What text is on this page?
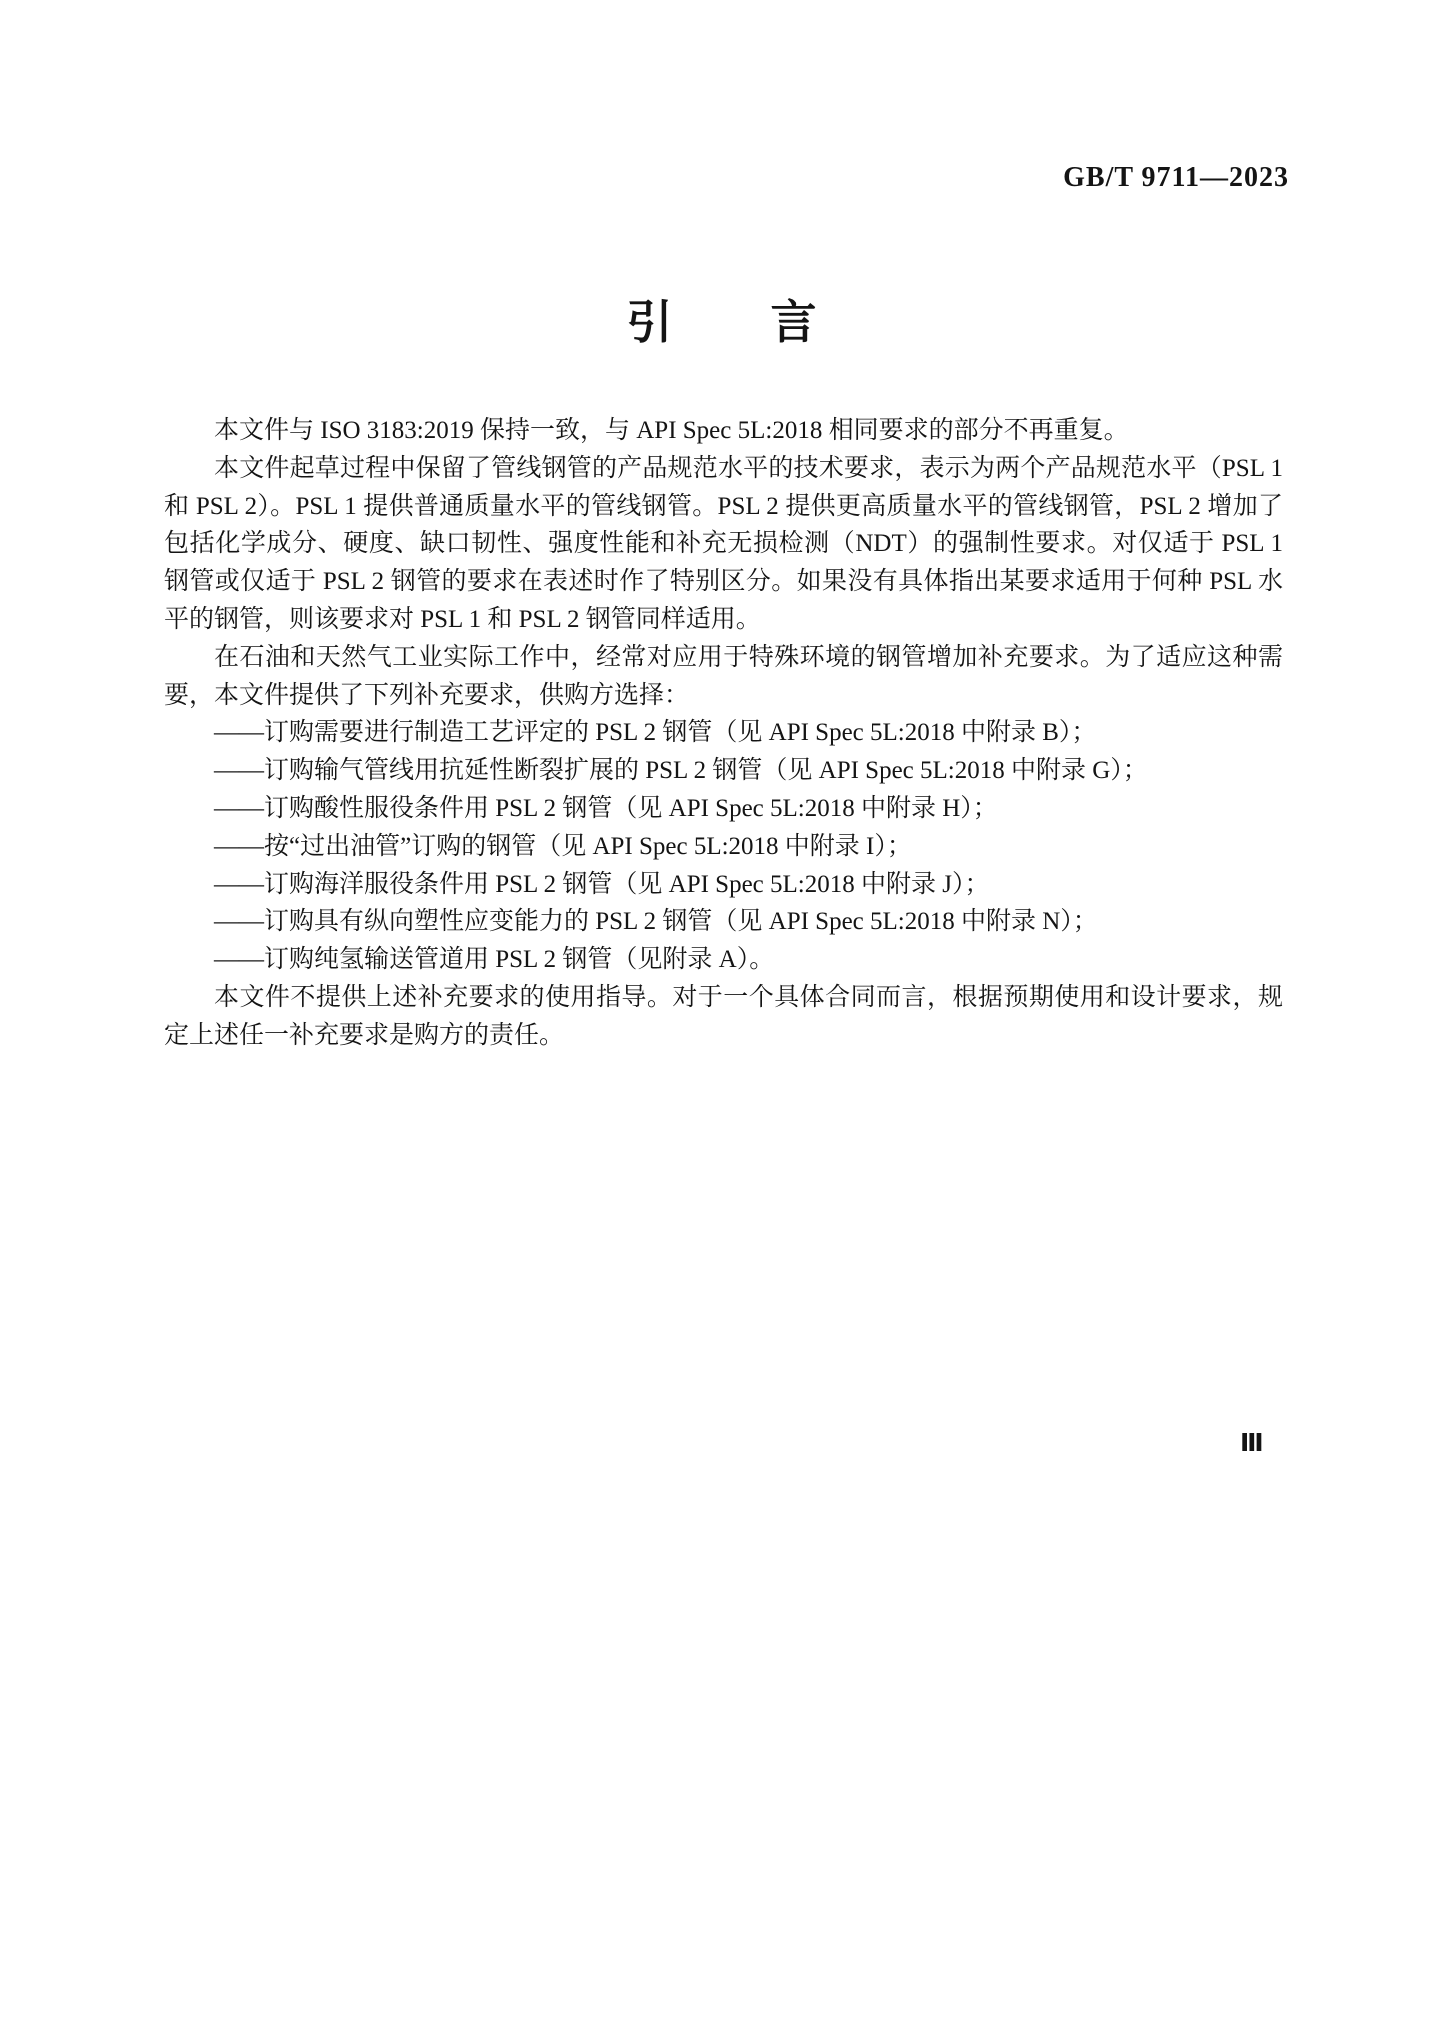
GB/T 9711—2023
引　　言

本文件与 ISO 3183:2019 保持一致，与 API Spec 5L:2018 相同要求的部分不再重复。

本文件起草过程中保留了管线钢管的产品规范水平的技术要求，表示为两个产品规范水平（PSL 1 和 PSL 2）。PSL 1 提供普通质量水平的管线钢管。PSL 2 提供更高质量水平的管线钢管，PSL 2 增加了包括化学成分、硬度、缺口韧性、强度性能和补充无损检测（NDT）的强制性要求。对仅适于 PSL 1 钢管或仅适于 PSL 2 钢管的要求在表述时作了特别区分。如果没有具体指出某要求适用于何种 PSL 水平的钢管，则该要求对 PSL 1 和 PSL 2 钢管同样适用。

在石油和天然气工业实际工作中，经常对应用于特殊环境的钢管增加补充要求。为了适应这种需要，本文件提供了下列补充要求，供购方选择：

——订购需要进行制造工艺评定的 PSL 2 钢管（见 API Spec 5L:2018 中附录 B）；

——订购输气管线用抗延性断裂扩展的 PSL 2 钢管（见 API Spec 5L:2018 中附录 G）；

——订购酸性服役条件用 PSL 2 钢管（见 API Spec 5L:2018 中附录 H）；

——按“过出油管”订购的钢管（见 API Spec 5L:2018 中附录 I）；

——订购海洋服役条件用 PSL 2 钢管（见 API Spec 5L:2018 中附录 J）；

——订购具有纵向塑性应变能力的 PSL 2 钢管（见 API Spec 5L:2018 中附录 N）；

——订购纯氢输送管道用 PSL 2 钢管（见附录 A）。

本文件不提供上述补充要求的使用指导。对于一个具体合同而言，根据预期使用和设计要求，规定上述任一补充要求是购方的责任。

Ⅲ
